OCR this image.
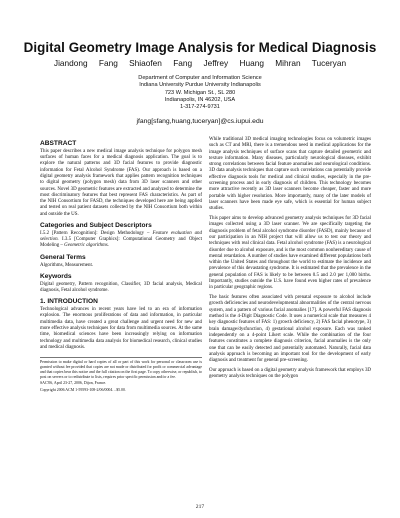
Digital Geometry Image Analysis for Medical Diagnosis
Jiandong Fang Shiaofen Fang Jeffrey Huang Mihran Tuceryan
Department of Computer and Information Science
Indiana University Purdue University Indianapolis
723 W. Michigan St., SL 280
Indianapolis, IN 46202, USA
1-317-274-9731
jfang[sfang,huang,tuceryan]@cs.iupui.edu
ABSTRACT

This paper describes a new medical image analysis technique for polygon mesh surfaces of human faces for a medical diagnosis application. The goal is to explore the natural patterns and 3D facial features to provide diagnostic information for Fetal Alcohol Syndrome (FAS). Our approach is based on a digital geometry analysis framework that applies pattern recognition techniques to digital geometry (polygon mesh) data from 3D laser scanners and other sources. Novel 3D geometric features are extracted and analyzed to determine the most discriminatory features that best represent FAS characteristics. As part of the NIH Consortium for FASD, the techniques developed here are being applied and tested on real patient datasets collected by the NIH Consortium both within and outside the US.

Categories and Subject Descriptors

I.5.2 [Pattern Recognition]: Design Methodology – Feature evaluation and selection. I.3.5 [Computer Graphics]: Computational Geometry and Object Modeling – Geometric algorithms.

General Terms

Algorithms, Measurement.

Keywords

Digital geometry, Pattern recognition, Classifier, 3D facial analysis, Medical diagnosis, Fetal alcohol syndrome.

1. INTRODUCTION

Technological advances in recent years have led to an era of information explosion. The enormous proliferations of data and information, in particular multimedia data, have created a great challenge and urgent need for new and more effective analysis techniques for data from multimedia sources. At the same time, biomedical sciences have been increasingly relying on information technology and multimedia data analysis for biomedical research, clinical studies and medical diagnosis.

Permission to make digital or hard copies of all or part of this work for personal or classroom use is granted without fee provided that copies are not made or distributed for profit or commercial advantage and that copies bear this notice and the full citation on the first page. To copy otherwise, or republish, to post on servers or to redistribute to lists, requires prior specific permission and/or a fee.

SAC'06, April 23-27, 2006, Dijon, France.

Copyright 2006 ACM 1-59593-108-2/06/0004…$5.00.

While traditional 3D medical imaging technologies focus on volumetric images such as CT and MRI, there is a tremendous need in medical applications for the image analysis techniques of surface scans that capture detailed geometric and texture information. Many diseases, particularly neurological diseases, exhibit strong correlations between facial feature anomalies and neurological conditions. 3D data analysis techniques that capture such correlations can potentially provide effective diagnosis tools for medical and clinical studies, especially in the pre-screening process and in early diagnosis of children. This technology becomes more attractive recently as 3D laser scanners become cheaper, faster and more portable with higher resolution. More importantly, many of the later models of laser scanners have been made eye safe, which is essential for human subject studies.

This paper aims to develop advanced geometry analysis techniques for 3D facial images collected using a 3D laser scanner. We are specifically targeting the diagnosis problem of fetal alcohol syndrome disorder (FASD), mainly because of our participation in an NIH project that will allow us to test our theory and techniques with real clinical data. Fetal alcohol syndrome (FAS) is a neurological disorder due to alcohol exposure, and is the most common nonhereditary cause of mental retardation. A number of studies have examined different populations both within the United States and throughout the world to estimate the incidence and prevalence of this devastating syndrome. It is estimated that the prevalence in the general population of FAS is likely to be between 0.5 and 2.0 per 1,000 births. Importantly, studies outside the U.S. have found even higher rates of prevalence in particular geographic regions.

The basic features often associated with prenatal exposure to alcohol include growth deficiencies and neurodevelopmental abnormalities of the central nervous system, and a pattern of various facial anomalies [17]. A powerful FAS diagnosis method is the 4-Digit Diagnostic Code. It uses a numerical scale that measures 4 key diagnostic features of FAS: 1) growth deficiency, 2) FAS facial phenotype, 3) brain damage/dysfunction, 4) gestational alcohol exposure. Each was ranked independently on a 4-point Likert scale. While the combination of the four features constitutes a complete diagnosis criterion, facial anomalies is the only one that can be easily detected and potentially automated. Naturally, facial data analysis approach is becoming an important tool for the development of early diagnosis and treatment for general pre-screening.

Our approach is based on a digital geometry analysis framework that employs 3D geometry analysis techniques on the polygon

217
